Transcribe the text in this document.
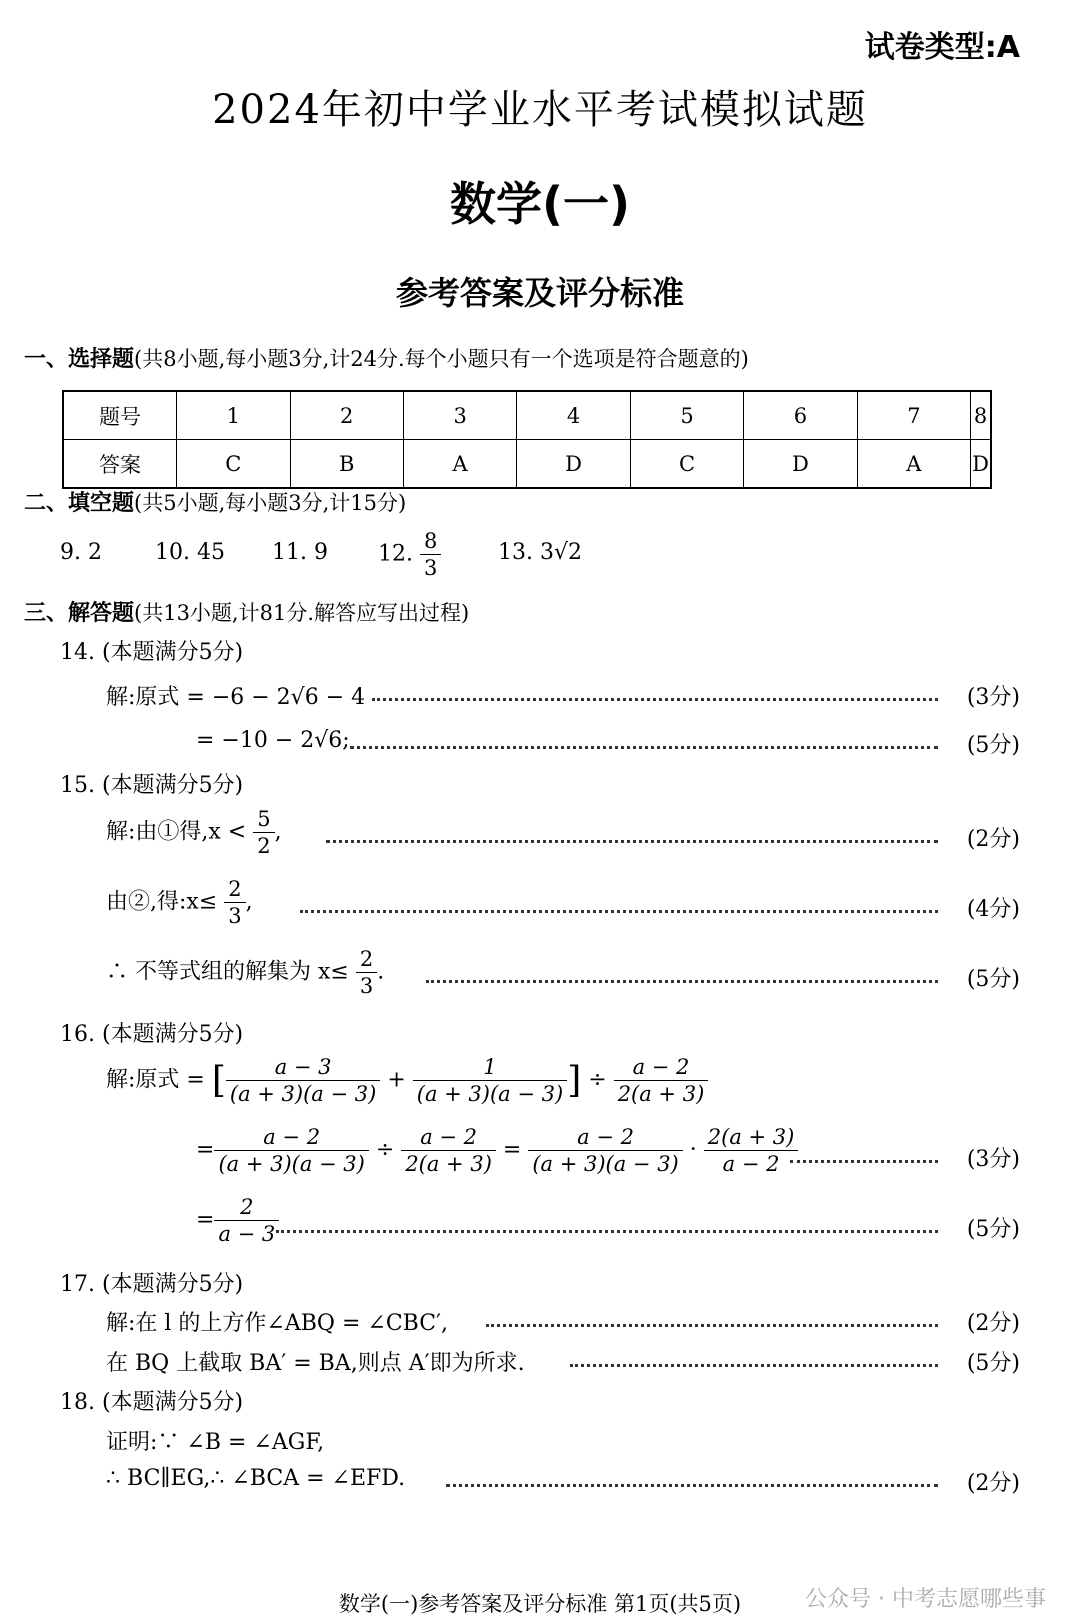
试卷类型:A
2024年初中学业水平考试模拟试题
数学(一)
参考答案及评分标准
一、选择题(共8小题,每小题3分,计24分.每个小题只有一个选项是符合题意的)
题号	1	2	3	4	5	6	7	8
答案	C	B	A	D	C	D	A	D
二、填空题(共5小题,每小题3分,计15分)
9. 2 10. 45 11. 9 12. $\frac{8}{3}$	13. 3√2
三、解答题(共13小题,计81分.解答应写出过程)
14. (本题满分5分)
解:原式 = −6 − 2√6 − 4	(3分)
= −10 − 2√6;	(5分)
15. (本题满分5分)
解:由①得$,x < \frac{5}{2}$ ,	(2分)
由②,得:x≤ $\frac{2}{3}$ ,	(4分)
∴ 不等式组的解集为 $x\le \frac{2}{3}$ .	(5分)
16. (本题满分5分)
解:原式 = [ $\frac{a - 3}{(a + 3)(a - 3)} + \frac{1}{(a + 3)(a - 3)}$ ] ÷ $\frac{a - 2}{2(a + 3)}$
= $\frac{a - 2}{(a + 3)(a - 3)} \div \frac{a - 2}{2(a + 3)} = \frac{a - 2}{(a + 3)(a - 3)} \cdot \frac{2(a + 3)}{a - 2}$	(3分)
= $\frac{2}{a - 3}$	(5分)
17. (本题满分5分)
解:在 l 的上方作∠ABQ = ∠CBC′,	(2分)
在 BQ 上截取 BA′ = BA,则点 A′即为所求.	(5分)
18. (本题满分5分)
证明:∵ ∠B = ∠AGF,
∴ BC∥EG,∴ ∠BCA = ∠EFD.	(2分)
数学(一)参考答案及评分标准 第1页(共5页)	公众号 · 中考志愿哪些事
